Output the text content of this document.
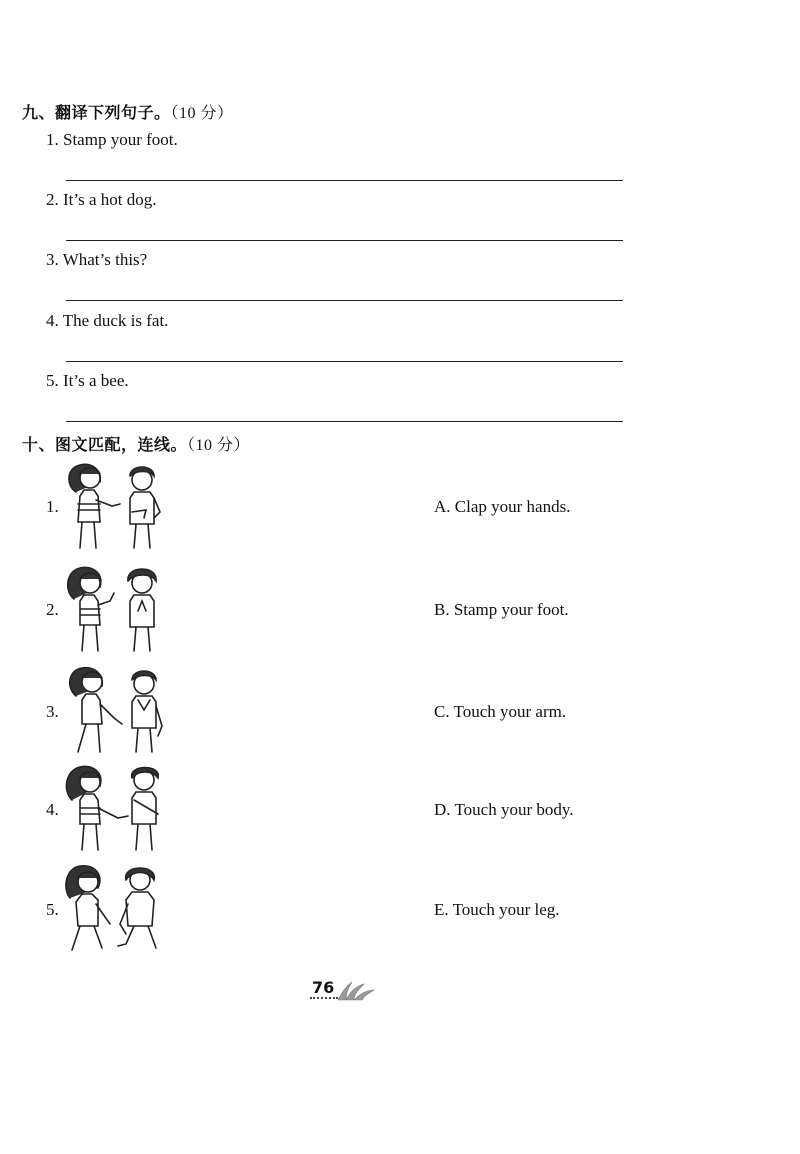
九、翻译下列句子。（10 分）
1. Stamp your foot.
2. It’s a hot dog.
3. What’s this?
4. The duck is fat.
5. It’s a bee.
十、图文匹配，连线。（10 分）
1.	A. Clap your hands.
2.	B. Stamp your foot.
3.	C. Touch your arm.
4.	D. Touch your body.
5.	E. Touch your leg.
76
